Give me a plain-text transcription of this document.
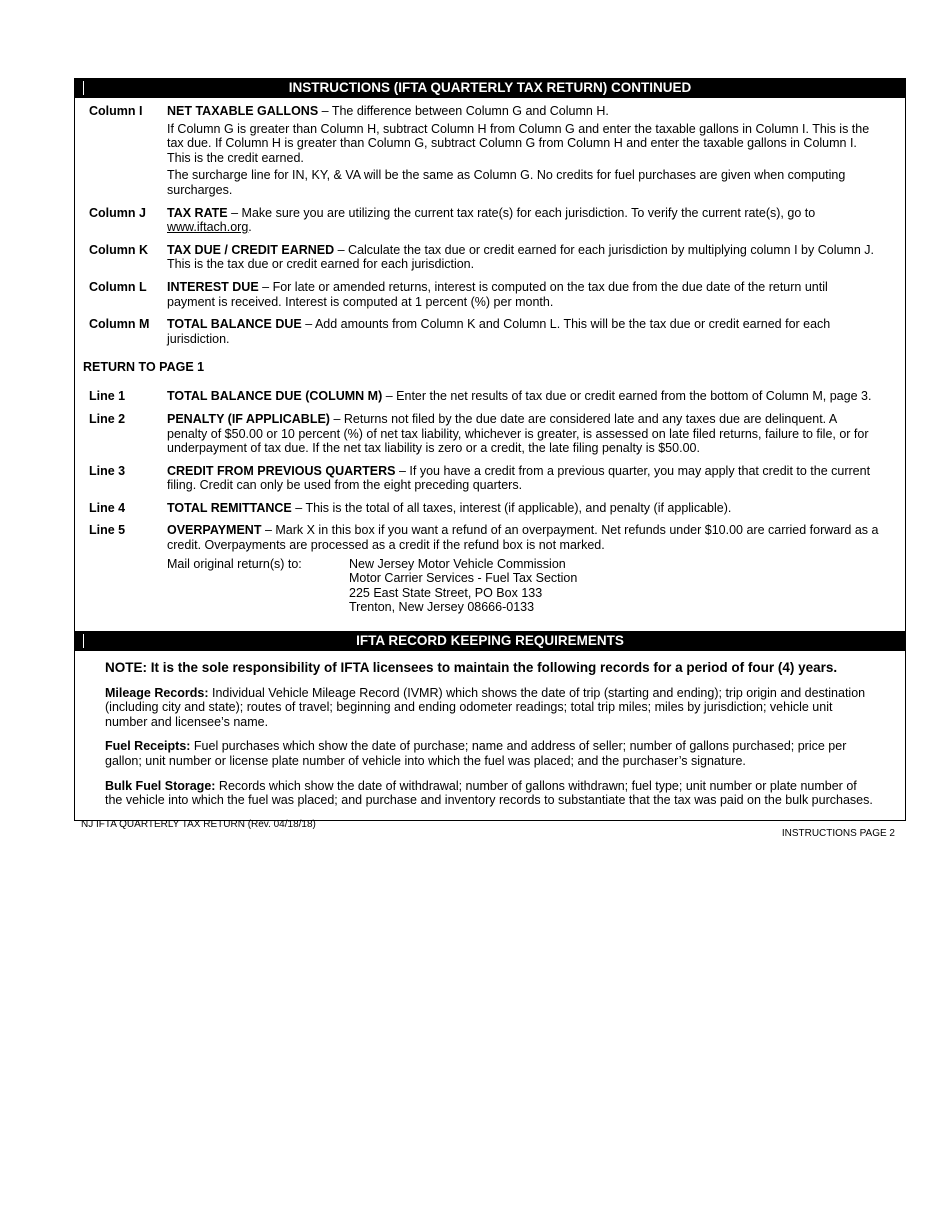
INSTRUCTIONS (IFTA QUARTERLY TAX RETURN) CONTINUED
Column I	NET TAXABLE GALLONS – The difference between Column G and Column H.

If Column G is greater than Column H, subtract Column H from Column G and enter the taxable gallons in Column I. This is the tax due. If Column H is greater than Column G, subtract Column G from Column H and enter the taxable gallons in Column I. This is the credit earned.

The surcharge line for IN, KY, & VA will be the same as Column G. No credits for fuel purchases are given when computing surcharges.

Column J	TAX RATE – Make sure you are utilizing the current tax rate(s) for each jurisdiction. To verify the current rate(s), go to www.iftach.org.

Column K	TAX DUE / CREDIT EARNED – Calculate the tax due or credit earned for each jurisdiction by multiplying column I by Column J. This is the tax due or credit earned for each jurisdiction.

Column L	INTEREST DUE – For late or amended returns, interest is computed on the tax due from the due date of the return until payment is received. Interest is computed at 1 percent (%) per month.

Column M	TOTAL BALANCE DUE – Add amounts from Column K and Column L. This will be the tax due or credit earned for each jurisdiction.

RETURN TO PAGE 1
Line 1	TOTAL BALANCE DUE (COLUMN M) – Enter the net results of tax due or credit earned from the bottom of Column M, page 3.

Line 2	PENALTY (IF APPLICABLE) – Returns not filed by the due date are considered late and any taxes due are delinquent. A penalty of $50.00 or 10 percent (%) of net tax liability, whichever is greater, is assessed on late filed returns, failure to file, or for underpayment of tax due. If the net tax liability is zero or a credit, the late filing penalty is $50.00.

Line 3	CREDIT FROM PREVIOUS QUARTERS – If you have a credit from a previous quarter, you may apply that credit to the current filing. Credit can only be used from the eight preceding quarters.

Line 4	TOTAL REMITTANCE – This is the total of all taxes, interest (if applicable), and penalty (if applicable).

Line 5	OVERPAYMENT – Mark X in this box if you want a refund of an overpayment. Net refunds under $10.00 are carried forward as a credit. Overpayments are processed as a credit if the refund box is not marked.

Mail original return(s) to:	New Jersey Motor Vehicle Commission
Motor Carrier Services - Fuel Tax Section
225 East State Street, PO Box 133
Trenton, New Jersey 08666-0133
IFTA RECORD KEEPING REQUIREMENTS

NOTE: It is the sole responsibility of IFTA licensees to maintain the following records for a period of four (4) years.

Mileage Records: Individual Vehicle Mileage Record (IVMR) which shows the date of trip (starting and ending); trip origin and destination (including city and state); routes of travel; beginning and ending odometer readings; total trip miles; miles by jurisdiction; vehicle unit number and licensee’s name.

Fuel Receipts: Fuel purchases which show the date of purchase; name and address of seller; number of gallons purchased; price per gallon; unit number or license plate number of vehicle into which the fuel was placed; and the purchaser’s signature.

Bulk Fuel Storage: Records which show the date of withdrawal; number of gallons withdrawn; fuel type; unit number or plate number of the vehicle into which the fuel was placed; and purchase and inventory records to substantiate that the tax was paid on the bulk purchases.

NJ IFTA QUARTERLY TAX RETURN (Rev. 04/18/18)
INSTRUCTIONS PAGE 2
